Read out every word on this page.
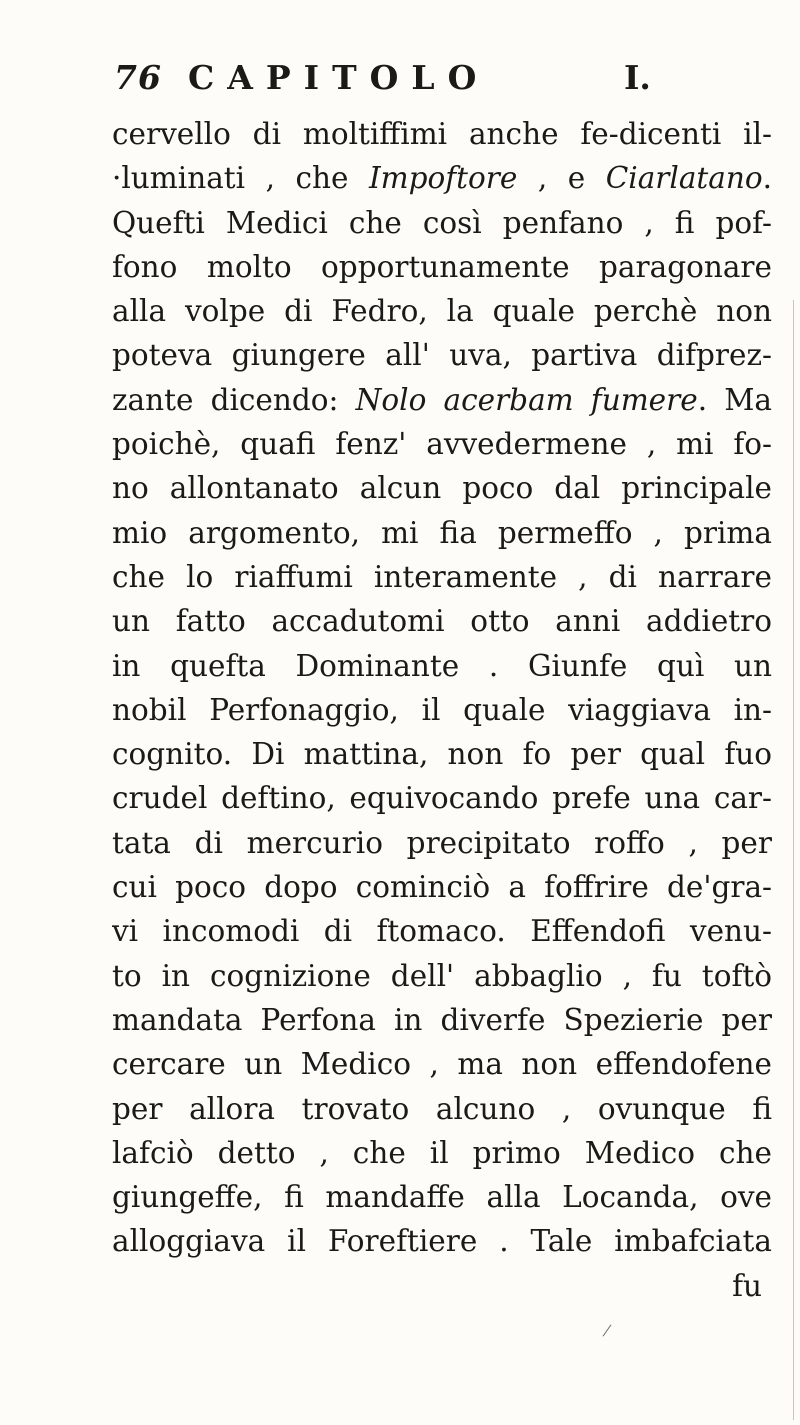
76 CAPITOLO	I.
cervello di moltiffimi anche fe-dicenti il-
·luminati , che Impoftore , e Ciarlatano.
Quefti Medici che così penfano , fi pof-
fono molto opportunamente paragonare
alla volpe di Fedro, la quale perchè non
poteva giungere all' uva, partiva difprez-
zante dicendo: Nolo acerbam fumere. Ma
poichè, quafi fenz' avvedermene , mi fo-
no allontanato alcun poco dal principale
mio argomento, mi fia permeffo , prima
che lo riaffumi interamente , di narrare
un fatto accadutomi otto anni addietro
in quefta Dominante . Giunfe quì un
nobil Perfonaggio, il quale viaggiava in-
cognito. Di mattina, non fo per qual fuo
crudel deftino, equivocando prefe una car-
tata di mercurio precipitato roffo , per
cui poco dopo cominciò a foffrire de'gra-
vi incomodi di ftomaco. Effendofi venu-
to in cognizione dell' abbaglio , fu toftò
mandata Perfona in diverfe Spezierie per
cercare un Medico , ma non effendofene
per allora trovato alcuno , ovunque fi
lafciò detto , che il primo Medico che
giungeffe, fi mandaffe alla Locanda, ove
alloggiava il Foreftiere . Tale imbafciata
fu
